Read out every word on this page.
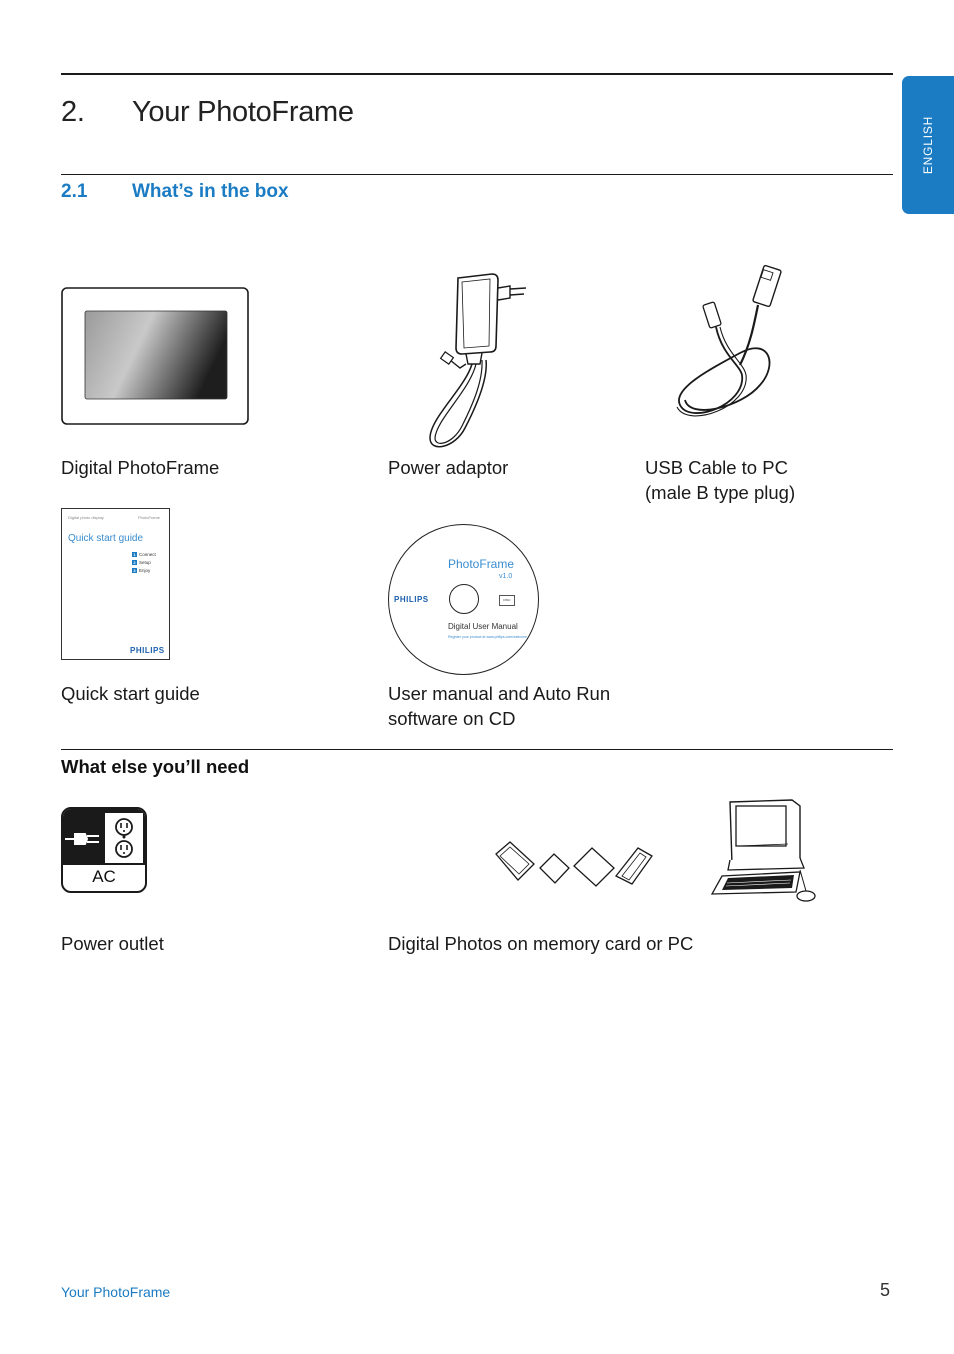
ENGLISH
2. Your PhotoFrame
2.1 What’s in the box
Digital PhotoFrame	Power adaptor	USB Cable to PC
(male B type plug)
Digital photo display	PhotoFrame
Quick start guide
1 Connect
2 Setup
3 Enjoy
PHILIPS
PhotoFrame
v1.0
PHILIPS	DISC
Digital User Manual
Register your product at www.philips.com/welcome
Quick start guide	User manual and Auto Run
software on CD
What else you’ll need
AC
Power outlet	Digital Photos on memory card or PC
Your PhotoFrame	5
